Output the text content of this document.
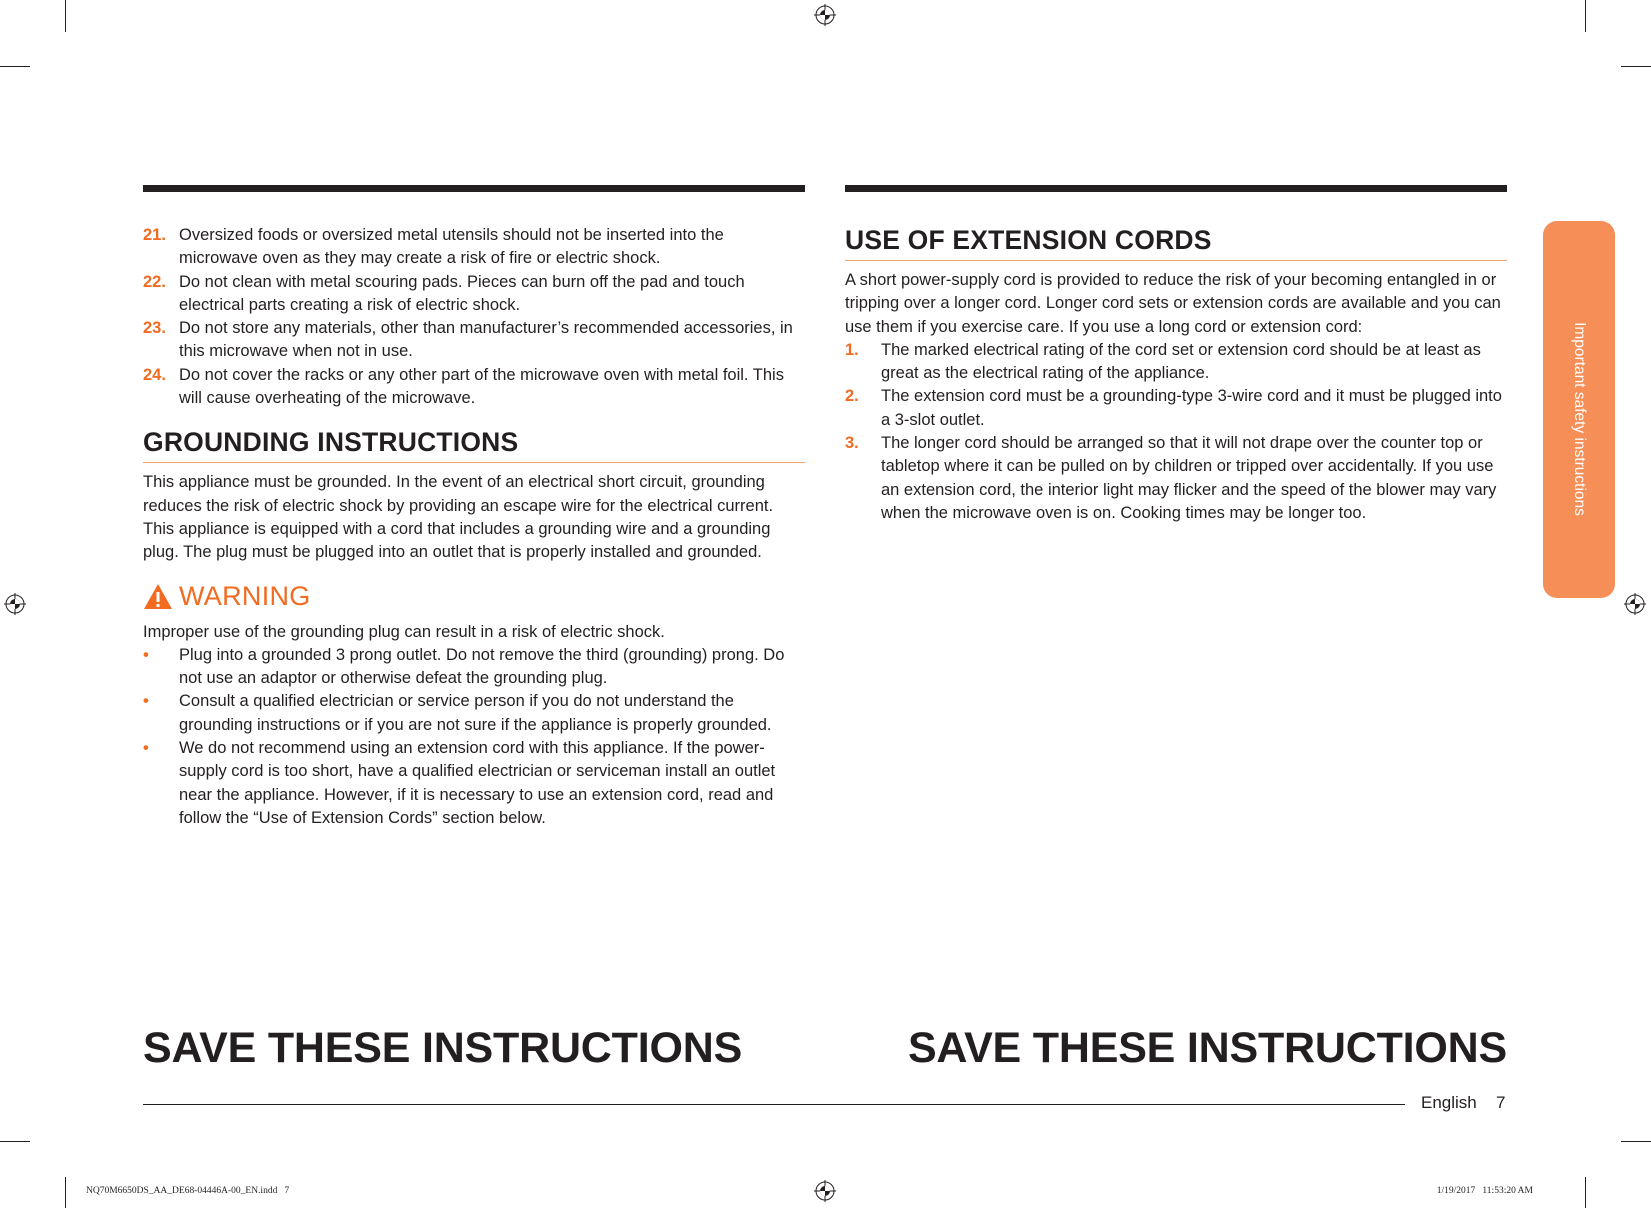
21. Oversized foods or oversized metal utensils should not be inserted into the microwave oven as they may create a risk of fire or electric shock.
22. Do not clean with metal scouring pads. Pieces can burn off the pad and touch electrical parts creating a risk of electric shock.
23. Do not store any materials, other than manufacturer’s recommended accessories, in this microwave when not in use.
24. Do not cover the racks or any other part of the microwave oven with metal foil. This will cause overheating of the microwave.
GROUNDING INSTRUCTIONS

This appliance must be grounded. In the event of an electrical short circuit, grounding reduces the risk of electric shock by providing an escape wire for the electrical current. This appliance is equipped with a cord that includes a grounding wire and a grounding plug. The plug must be plugged into an outlet that is properly installed and grounded.

WARNING

Improper use of the grounding plug can result in a risk of electric shock.

• Plug into a grounded 3 prong outlet. Do not remove the third (grounding) prong. Do not use an adaptor or otherwise defeat the grounding plug.
• Consult a qualified electrician or service person if you do not understand the grounding instructions or if you are not sure if the appliance is properly grounded.
• We do not recommend using an extension cord with this appliance. If the power-supply cord is too short, have a qualified electrician or serviceman install an outlet near the appliance. However, if it is necessary to use an extension cord, read and follow the “Use of Extension Cords” section below.
USE OF EXTENSION CORDS

A short power-supply cord is provided to reduce the risk of your becoming entangled in or tripping over a longer cord. Longer cord sets or extension cords are available and you can use them if you exercise care. If you use a long cord or extension cord:

1. The marked electrical rating of the cord set or extension cord should be at least as great as the electrical rating of the appliance.
2. The extension cord must be a grounding-type 3-wire cord and it must be plugged into a 3-slot outlet.
3. The longer cord should be arranged so that it will not drape over the counter top or tabletop where it can be pulled on by children or tripped over accidentally. If you use an extension cord, the interior light may flicker and the speed of the blower may vary when the microwave oven is on. Cooking times may be longer too.	Important safety instructions
SAVE THESE INSTRUCTIONS	SAVE THESE INSTRUCTIONS
English 7
NQ70M6650DS_AA_DE68-04446A-00_EN.indd   7	1/19/2017   11:53:20 AM
